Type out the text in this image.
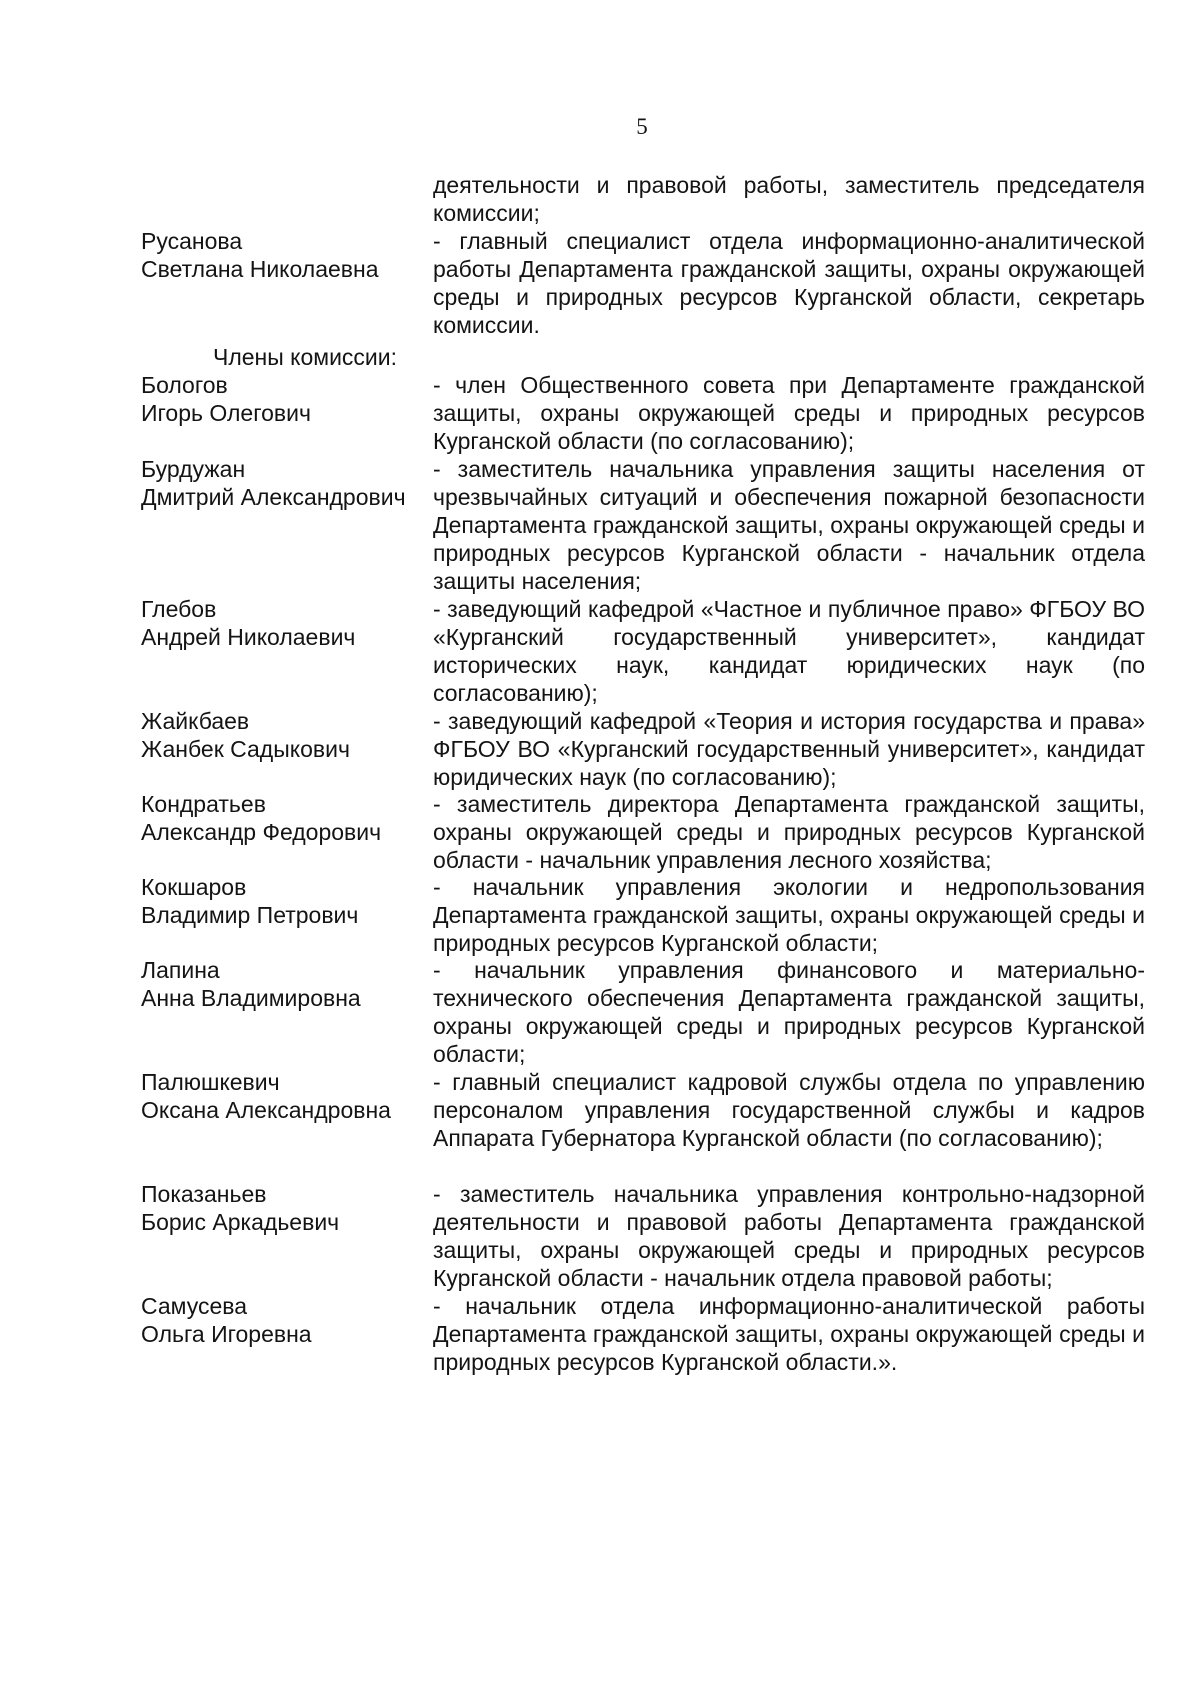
5
деятельности и правовой работы, заместитель председателя комиссии;
Русанова
Светлана Николаевна
- главный специалист отдела информационно-аналитической работы Департамента гражданской защиты, охраны окружающей среды и природных ресурсов Курганской области, секретарь комиссии.
Члены комиссии:
Бологов
Игорь Олегович
- член Общественного совета при Департаменте гражданской защиты, охраны окружающей среды и природных ресурсов Курганской области (по согласованию);
Бурдужан
Дмитрий Александрович
- заместитель начальника управления защиты населения от чрезвычайных ситуаций и обеспечения пожарной безопасности Департамента гражданской защиты, охраны окружающей среды и природных ресурсов Курганской области - начальник отдела защиты населения;
Глебов
Андрей Николаевич
- заведующий кафедрой «Частное и публичное право» ФГБОУ ВО «Курганский государственный университет», кандидат исторических наук, кандидат юридических наук (по согласованию);
Жайкбаев
Жанбек Садыкович
- заведующий кафедрой «Теория и история государства и права» ФГБОУ ВО «Курганский государственный университет», кандидат юридических наук (по согласованию);
Кондратьев
Александр Федорович
- заместитель директора Департамента гражданской защиты, охраны окружающей среды и природных ресурсов Курганской области - начальник управления лесного хозяйства;
Кокшаров
Владимир Петрович
- начальник управления экологии и недропользования Департамента гражданской защиты, охраны окружающей среды и природных ресурсов Курганской области;
Лапина
Анна Владимировна
- начальник управления финансового и материально-технического обеспечения Департамента гражданской защиты, охраны окружающей среды и природных ресурсов Курганской области;
Палюшкевич
Оксана Александровна
- главный специалист кадровой службы отдела по управлению персоналом управления государственной службы и кадров Аппарата Губернатора Курганской области (по согласованию);
Показаньев
Борис Аркадьевич
- заместитель начальника управления контрольно-надзорной деятельности и правовой работы Департамента гражданской защиты, охраны окружающей среды и природных ресурсов Курганской области - начальник отдела правовой работы;
Самусева
Ольга Игоревна
- начальник отдела информационно-аналитической работы Департамента гражданской защиты, охраны окружающей среды и природных ресурсов Курганской области.».
